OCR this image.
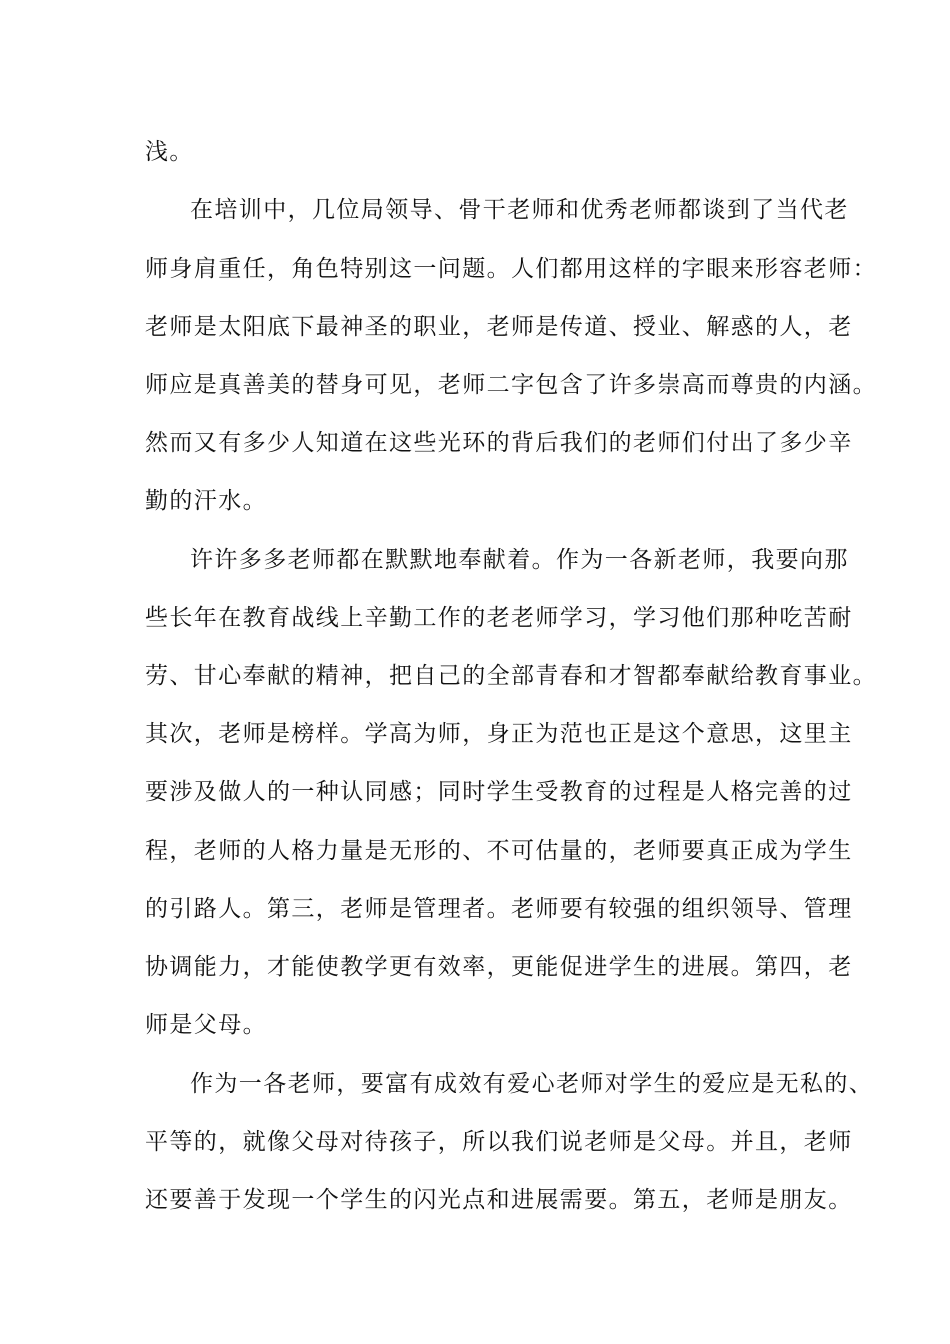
浅。

在培训中，几位局领导、骨干老师和优秀老师都谈到了当代老

师身肩重任，角色特别这一问题。人们都用这样的字眼来形容老师：

老师是太阳底下最神圣的职业，老师是传道、授业、解惑的人，老

师应是真善美的替身可见，老师二字包含了许多崇高而尊贵的内涵。

然而又有多少人知道在这些光环的背后我们的老师们付出了多少辛

勤的汗水。

许许多多老师都在默默地奉献着。作为一各新老师，我要向那

些长年在教育战线上辛勤工作的老老师学习，学习他们那种吃苦耐

劳、甘心奉献的精神，把自己的全部青春和才智都奉献给教育事业。

其次，老师是榜样。学高为师，身正为范也正是这个意思，这里主

要涉及做人的一种认同感；同时学生受教育的过程是人格完善的过

程，老师的人格力量是无形的、不可估量的，老师要真正成为学生

的引路人。第三，老师是管理者。老师要有较强的组织领导、管理

协调能力，才能使教学更有效率，更能促进学生的进展。第四，老

师是父母。

作为一各老师，要富有成效有爱心老师对学生的爱应是无私的、

平等的，就像父母对待孩子，所以我们说老师是父母。并且，老师

还要善于发现一个学生的闪光点和进展需要。第五，老师是朋友。
